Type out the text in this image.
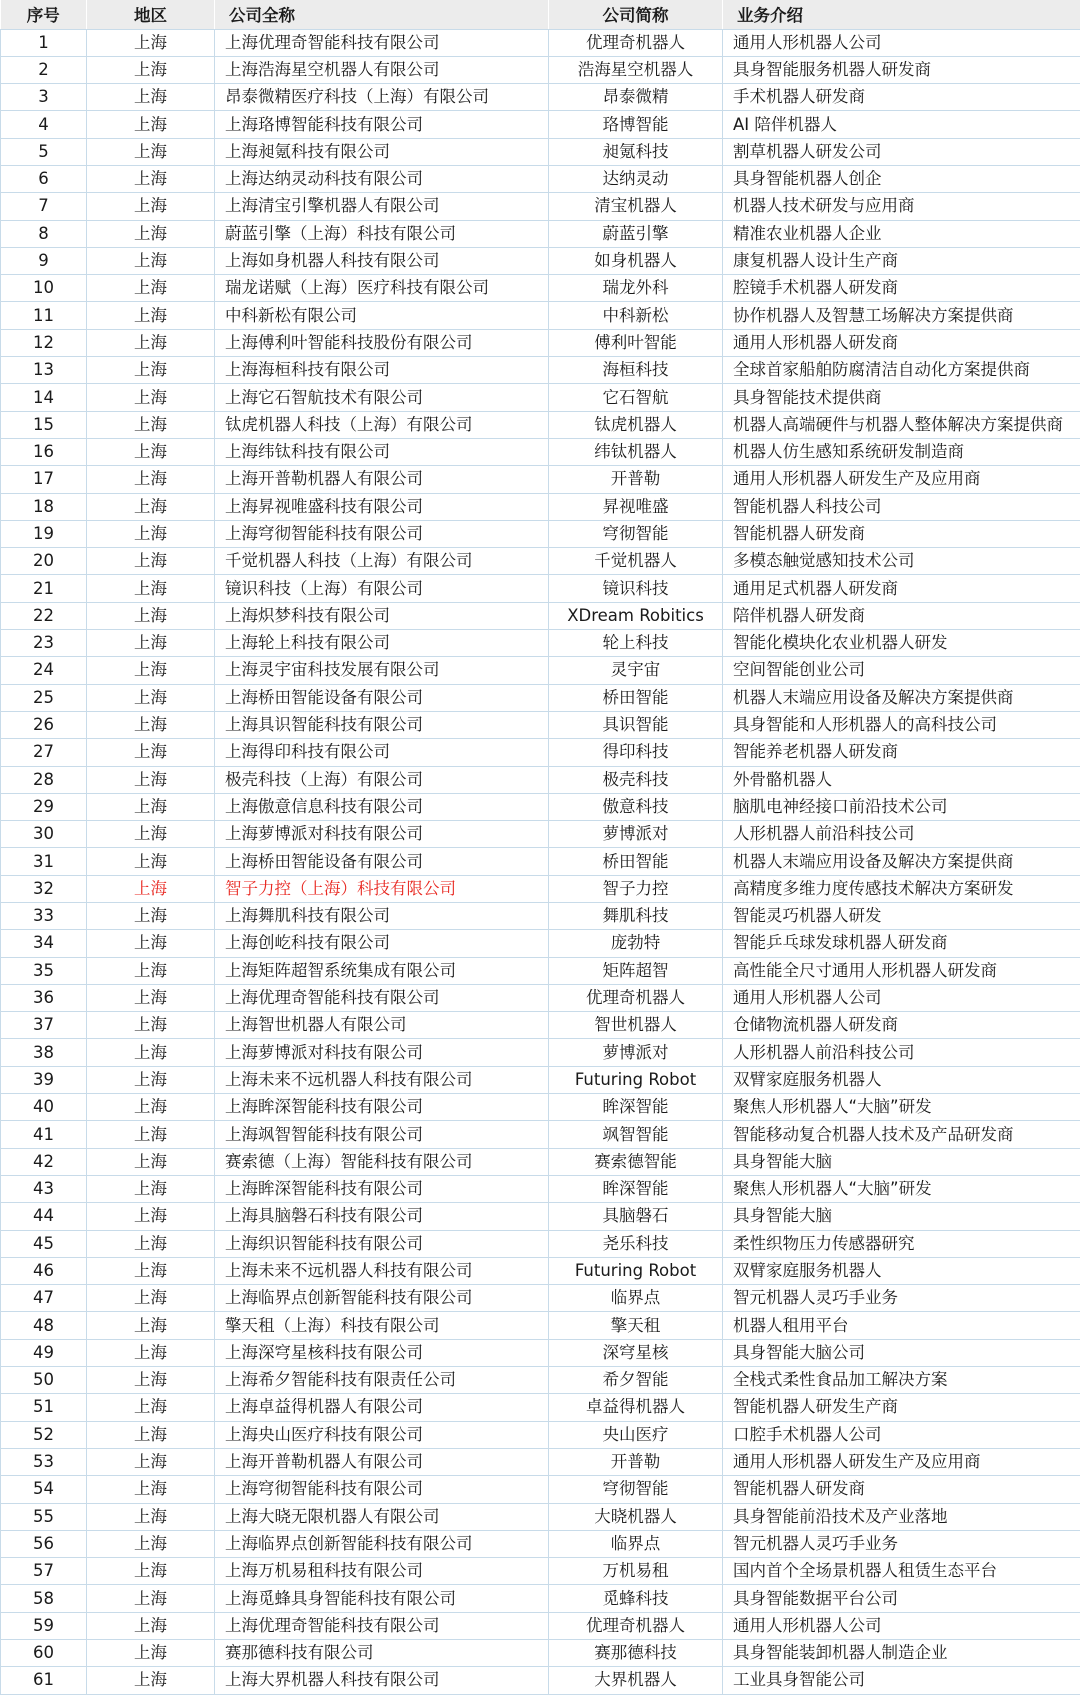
序号	地区	公司全称	公司简称	业务介绍
1	上海	上海优理奇智能科技有限公司	优理奇机器人	通用人形机器人公司
2	上海	上海浩海星空机器人有限公司	浩海星空机器人	具身智能服务机器人研发商
3	上海	昂泰微精医疗科技（上海）有限公司	昂泰微精	手术机器人研发商
4	上海	上海珞博智能科技有限公司	珞博智能	AI 陪伴机器人
5	上海	上海昶氪科技有限公司	昶氪科技	割草机器人研发公司
6	上海	上海达纳灵动科技有限公司	达纳灵动	具身智能机器人创企
7	上海	上海清宝引擎机器人有限公司	清宝机器人	机器人技术研发与应用商
8	上海	蔚蓝引擎（上海）科技有限公司	蔚蓝引擎	精准农业机器人企业
9	上海	上海如身机器人科技有限公司	如身机器人	康复机器人设计生产商
10	上海	瑞龙诺赋（上海）医疗科技有限公司	瑞龙外科	腔镜手术机器人研发商
11	上海	中科新松有限公司	中科新松	协作机器人及智慧工场解决方案提供商
12	上海	上海傅利叶智能科技股份有限公司	傅利叶智能	通用人形机器人研发商
13	上海	上海海桓科技有限公司	海桓科技	全球首家船舶防腐清洁自动化方案提供商
14	上海	上海它石智航技术有限公司	它石智航	具身智能技术提供商
15	上海	钛虎机器人科技（上海）有限公司	钛虎机器人	机器人高端硬件与机器人整体解决方案提供商
16	上海	上海纬钛科技有限公司	纬钛机器人	机器人仿生感知系统研发制造商
17	上海	上海开普勒机器人有限公司	开普勒	通用人形机器人研发生产及应用商
18	上海	上海昇视唯盛科技有限公司	昇视唯盛	智能机器人科技公司
19	上海	上海穹彻智能科技有限公司	穹彻智能	智能机器人研发商
20	上海	千觉机器人科技（上海）有限公司	千觉机器人	多模态触觉感知技术公司
21	上海	镜识科技（上海）有限公司	镜识科技	通用足式机器人研发商
22	上海	上海炽梦科技有限公司	XDream Robitics	陪伴机器人研发商
23	上海	上海轮上科技有限公司	轮上科技	智能化模块化农业机器人研发
24	上海	上海灵宇宙科技发展有限公司	灵宇宙	空间智能创业公司
25	上海	上海桥田智能设备有限公司	桥田智能	机器人末端应用设备及解决方案提供商
26	上海	上海具识智能科技有限公司	具识智能	具身智能和人形机器人的高科技公司
27	上海	上海得印科技有限公司	得印科技	智能养老机器人研发商
28	上海	极壳科技（上海）有限公司	极壳科技	外骨骼机器人
29	上海	上海傲意信息科技有限公司	傲意科技	脑肌电神经接口前沿技术公司
30	上海	上海萝博派对科技有限公司	萝博派对	人形机器人前沿科技公司
31	上海	上海桥田智能设备有限公司	桥田智能	机器人末端应用设备及解决方案提供商
32	上海	智子力控（上海）科技有限公司	智子力控	高精度多维力度传感技术解决方案研发
33	上海	上海舞肌科技有限公司	舞肌科技	智能灵巧机器人研发
34	上海	上海创屹科技有限公司	庞勃特	智能乒乓球发球机器人研发商
35	上海	上海矩阵超智系统集成有限公司	矩阵超智	高性能全尺寸通用人形机器人研发商
36	上海	上海优理奇智能科技有限公司	优理奇机器人	通用人形机器人公司
37	上海	上海智世机器人有限公司	智世机器人	仓储物流机器人研发商
38	上海	上海萝博派对科技有限公司	萝博派对	人形机器人前沿科技公司
39	上海	上海未来不远机器人科技有限公司	Futuring Robot	双臂家庭服务机器人
40	上海	上海眸深智能科技有限公司	眸深智能	聚焦人形机器人“大脑”研发
41	上海	上海飒智智能科技有限公司	飒智智能	智能移动复合机器人技术及产品研发商
42	上海	赛索德（上海）智能科技有限公司	赛索德智能	具身智能大脑
43	上海	上海眸深智能科技有限公司	眸深智能	聚焦人形机器人“大脑”研发
44	上海	上海具脑磐石科技有限公司	具脑磐石	具身智能大脑
45	上海	上海织识智能科技有限公司	尧乐科技	柔性织物压力传感器研究
46	上海	上海未来不远机器人科技有限公司	Futuring Robot	双臂家庭服务机器人
47	上海	上海临界点创新智能科技有限公司	临界点	智元机器人灵巧手业务
48	上海	擎天租（上海）科技有限公司	擎天租	机器人租用平台
49	上海	上海深穹星核科技有限公司	深穹星核	具身智能大脑公司
50	上海	上海希夕智能科技有限责任公司	希夕智能	全栈式柔性食品加工解决方案
51	上海	上海卓益得机器人有限公司	卓益得机器人	智能机器人研发生产商
52	上海	上海央山医疗科技有限公司	央山医疗	口腔手术机器人公司
53	上海	上海开普勒机器人有限公司	开普勒	通用人形机器人研发生产及应用商
54	上海	上海穹彻智能科技有限公司	穹彻智能	智能机器人研发商
55	上海	上海大晓无限机器人有限公司	大晓机器人	具身智能前沿技术及产业落地
56	上海	上海临界点创新智能科技有限公司	临界点	智元机器人灵巧手业务
57	上海	上海万机易租科技有限公司	万机易租	国内首个全场景机器人租赁生态平台
58	上海	上海觅蜂具身智能科技有限公司	觅蜂科技	具身智能数据平台公司
59	上海	上海优理奇智能科技有限公司	优理奇机器人	通用人形机器人公司
60	上海	赛那德科技有限公司	赛那德科技	具身智能装卸机器人制造企业
61	上海	上海大界机器人科技有限公司	大界机器人	工业具身智能公司
